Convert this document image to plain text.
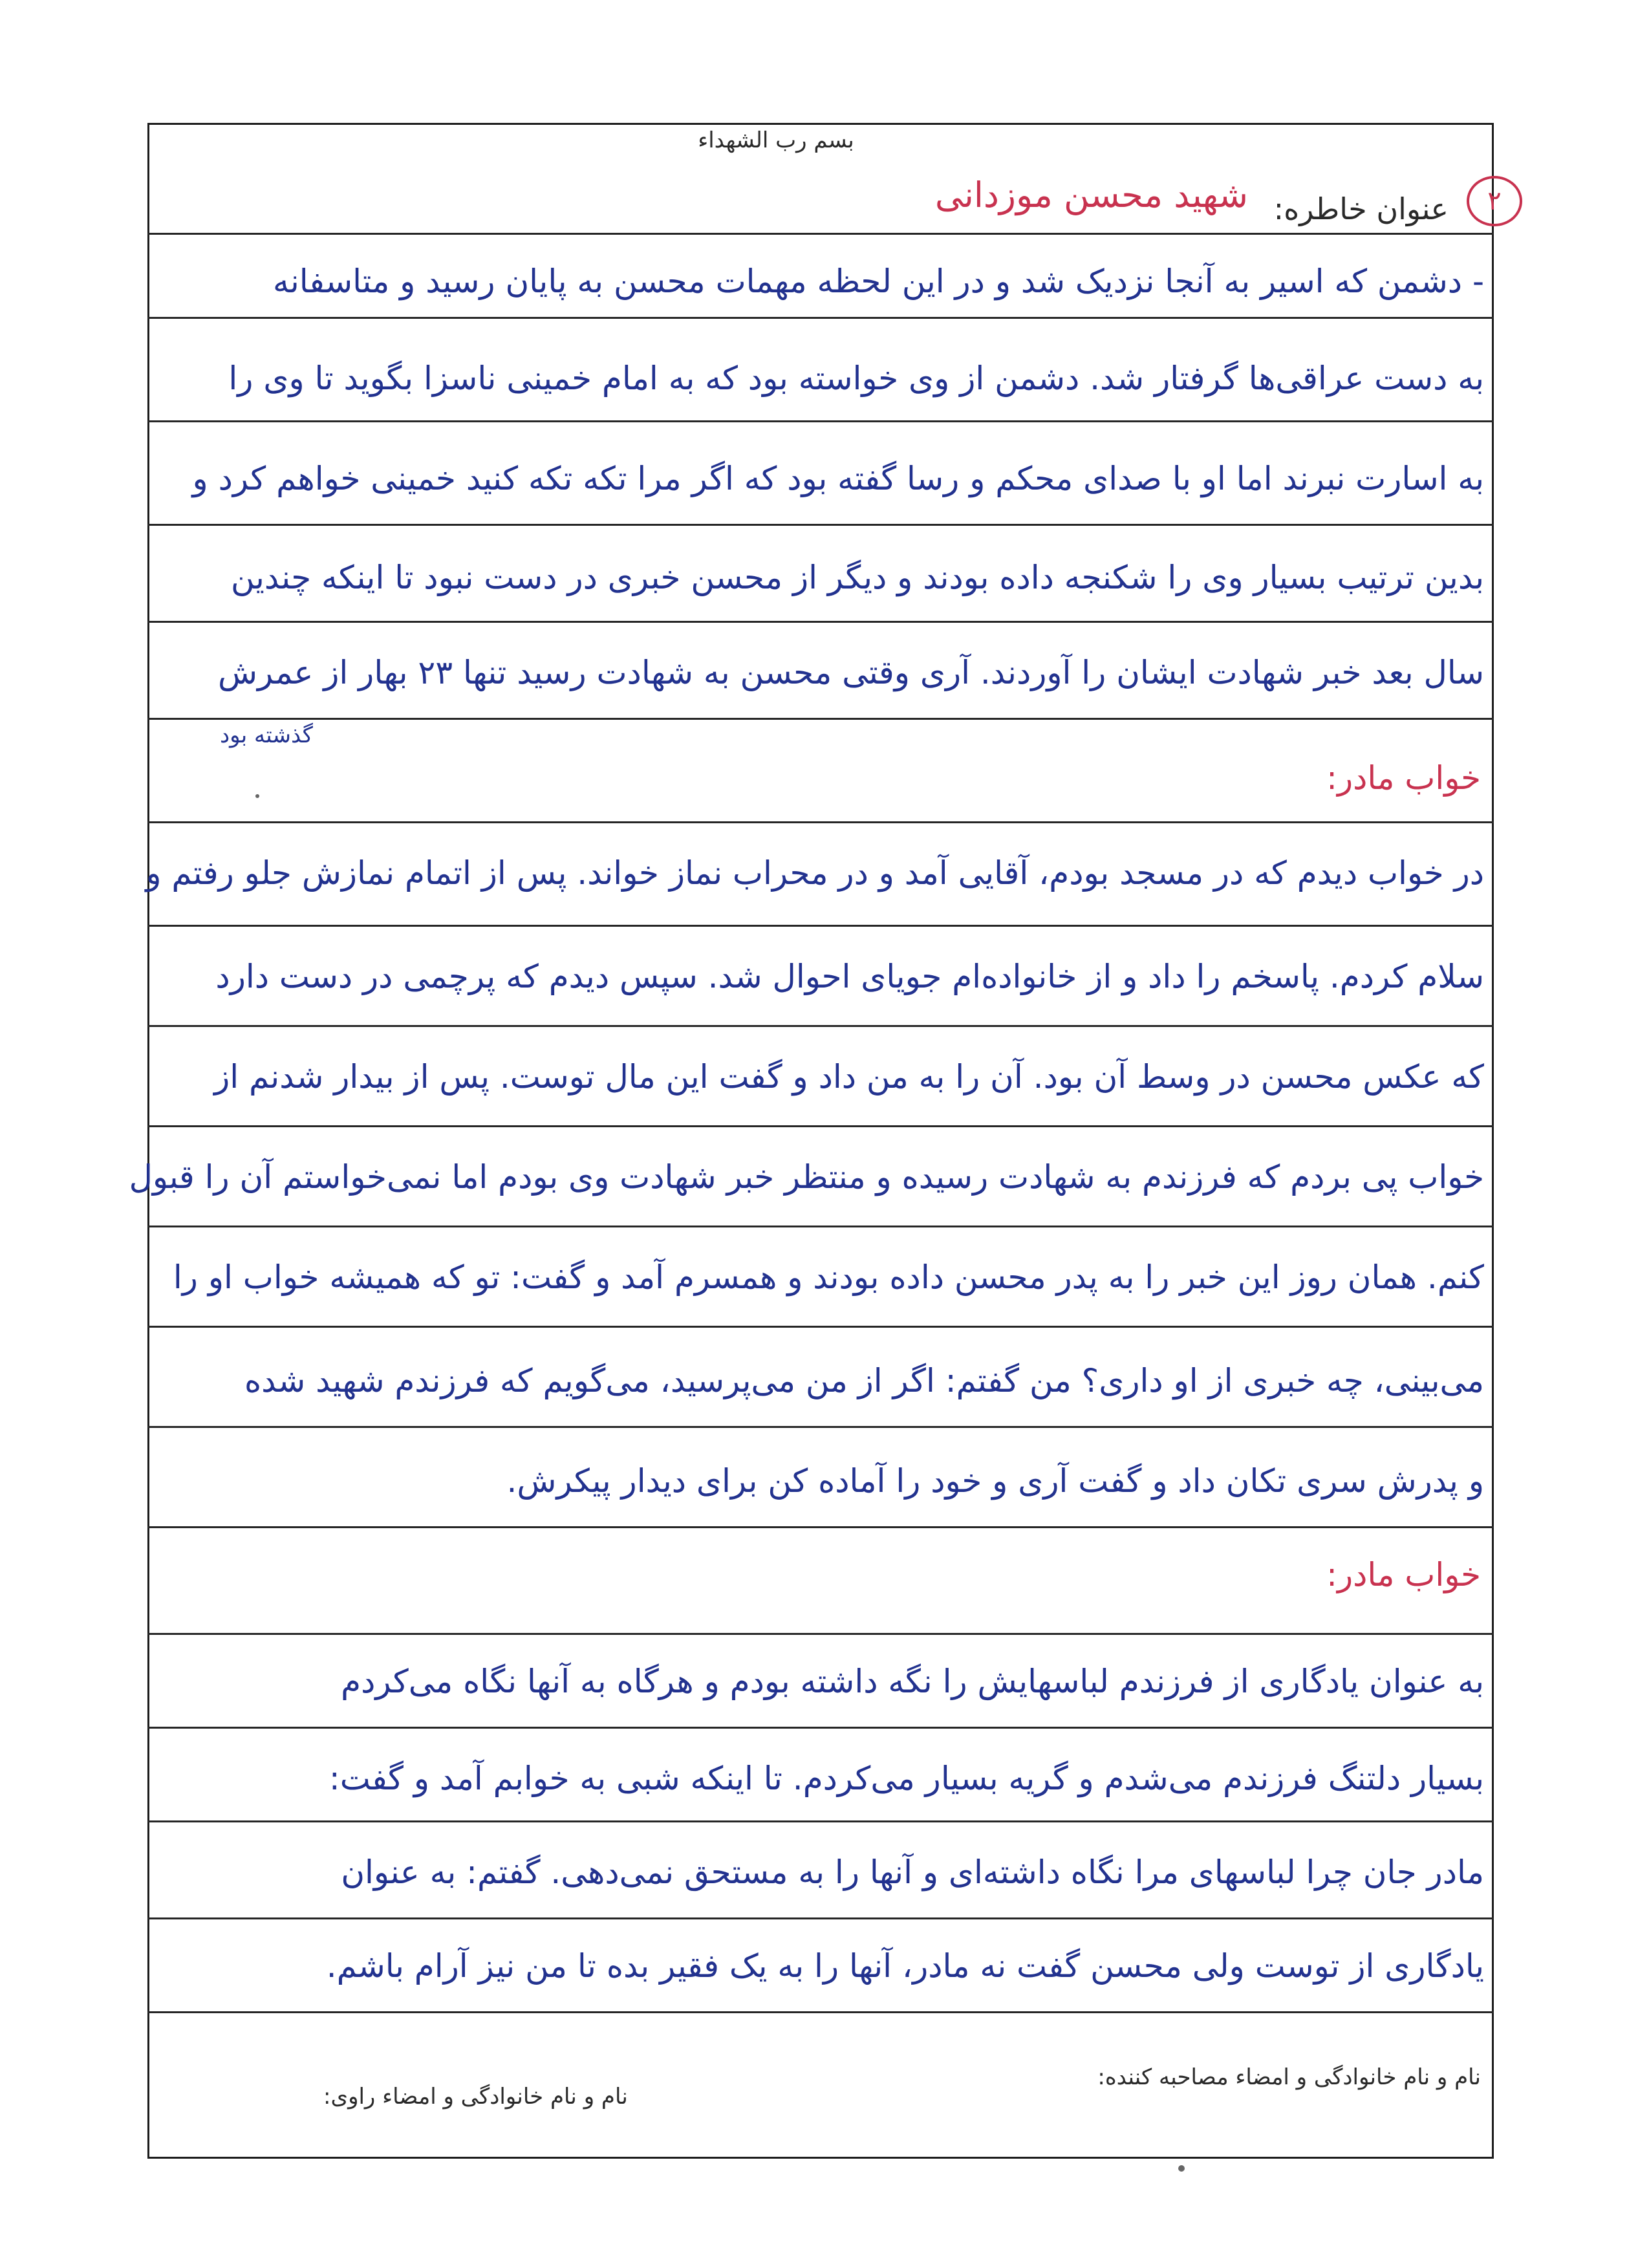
بسم رب الشهداء
۲
عنوان خاطره:
شهید محسن موزدانی
- دشمن که اسیر به آنجا نزدیک شد و در این لحظه مهمات محسن به پایان رسید و متاسفانه
به دست عراقی‌ها گرفتار شد. دشمن از وی خواسته بود که به امام خمینی ناسزا بگوید تا وی را
به اسارت نبرند اما او با صدای محکم و رسا گفته بود که اگر مرا تکه تکه کنید خمینی خواهم کرد و
بدین ترتیب بسیار وی را شکنجه داده بودند و دیگر از محسن خبری در دست نبود تا اینکه چندین
سال بعد خبر شهادت ایشان را آوردند. آری وقتی محسن به شهادت رسید تنها ۲۳ بهار از عمرش
گذشته بود
خواب مادر:
در خواب دیدم که در مسجد بودم، آقایی آمد و در محراب نماز خواند. پس از اتمام نمازش جلو رفتم و
سلام کردم. پاسخم را داد و از خانواده‌ام جویای احوال شد. سپس دیدم که پرچمی در دست دارد
که عکس محسن در وسط آن بود. آن را به من داد و گفت این مال توست. پس از بیدار شدنم از
خواب پی بردم که فرزندم به شهادت رسیده و منتظر خبر شهادت وی بودم اما نمی‌خواستم آن را قبول
کنم. همان روز این خبر را به پدر محسن داده بودند و همسرم آمد و گفت: تو که همیشه خواب او را
می‌بینی، چه خبری از او داری؟ من گفتم: اگر از من می‌پرسید، می‌گویم که فرزندم شهید شده
و پدرش سری تکان داد و گفت آری و خود را آماده کن برای دیدار پیکرش.
خواب مادر:
به عنوان یادگاری از فرزندم لباسهایش را نگه داشته بودم و هرگاه به آنها نگاه می‌کردم
بسیار دلتنگ فرزندم می‌شدم و گریه بسیار می‌کردم. تا اینکه شبی به خوابم آمد و گفت:
مادر جان چرا لباسهای مرا نگاه داشته‌ای و آنها را به مستحق نمی‌دهی. گفتم: به عنوان
یادگاری از توست ولی محسن گفت نه مادر، آنها را به یک فقیر بده تا من نیز آرام باشم.
نام و نام خانوادگی و امضاء مصاحبه کننده:
نام و نام خانوادگی و امضاء راوی:
